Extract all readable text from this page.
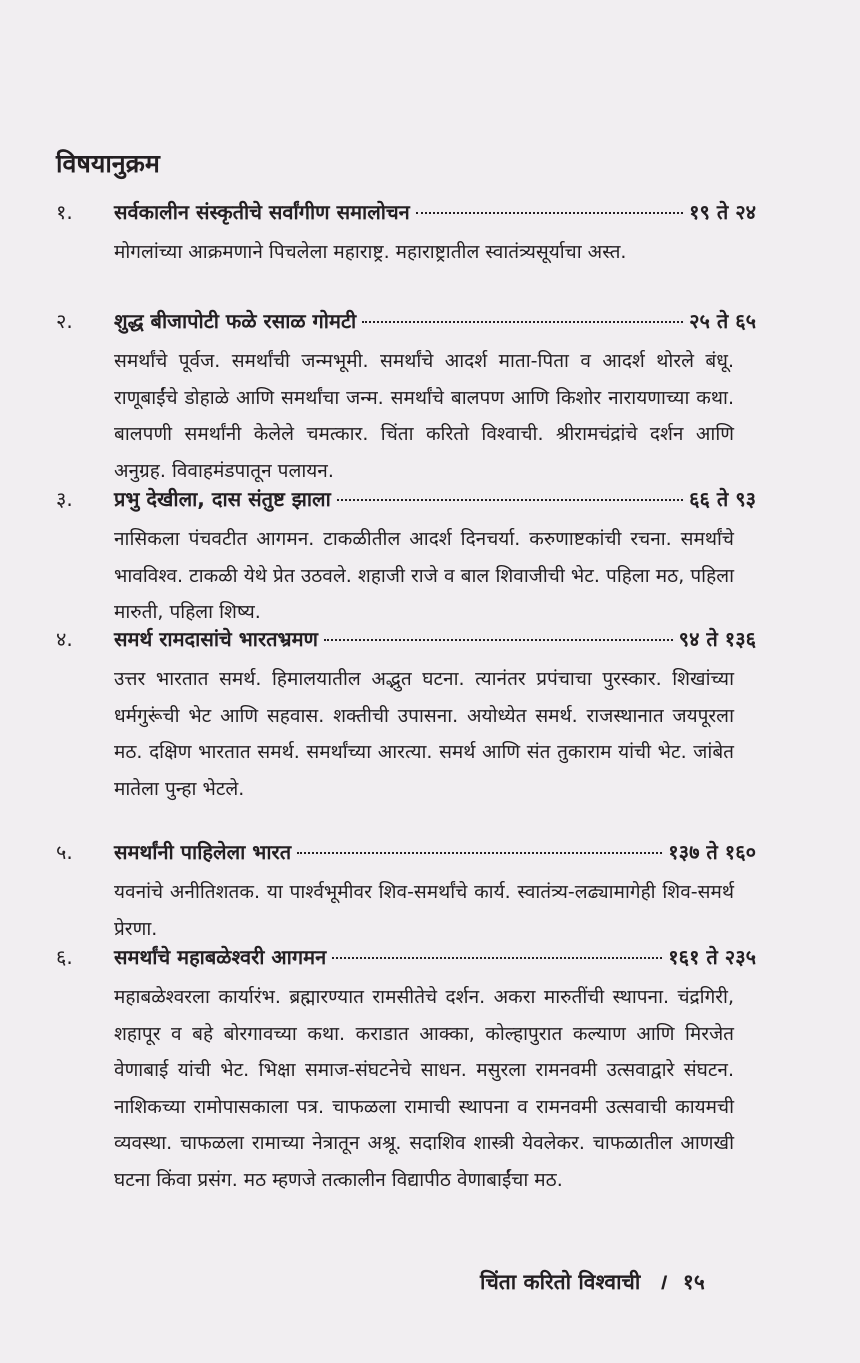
विषयानुक्रम
१.	सर्वकालीन संस्कृतीचे सर्वांगीण समालोचन	१९ ते २४
मोगलांच्या आक्रमणाने पिचलेला महाराष्ट्र. महाराष्ट्रातील स्वातंत्र्यसूर्याचा अस्त.
२.	शुद्ध बीजापोटी फळे रसाळ गोमटी	२५ ते ६५
समर्थांचे पूर्वज. समर्थांची जन्मभूमी. समर्थांचे आदर्श माता-पिता व आदर्श थोरले बंधू. राणूबाईंचे डोहाळे आणि समर्थांचा जन्म. समर्थांचे बालपण आणि किशोर नारायणाच्या कथा. बालपणी समर्थांनी केलेले चमत्कार. चिंता करितो विश्वाची. श्रीरामचंद्रांचे दर्शन आणि अनुग्रह. विवाहमंडपातून पलायन.
३.	प्रभु देखीला, दास संतुष्ट झाला	६६ ते ९३
नासिकला पंचवटीत आगमन. टाकळीतील आदर्श दिनचर्या. करुणाष्टकांची रचना. समर्थांचे भावविश्व. टाकळी येथे प्रेत उठवले. शहाजी राजे व बाल शिवाजीची भेट. पहिला मठ, पहिला मारुती, पहिला शिष्य.
४.	समर्थ रामदासांचे भारतभ्रमण	९४ ते १३६
उत्तर भारतात समर्थ. हिमालयातील अद्भुत घटना. त्यानंतर प्रपंचाचा पुरस्कार. शिखांच्या धर्मगुरूंची भेट आणि सहवास. शक्तीची उपासना. अयोध्येत समर्थ. राजस्थानात जयपूरला मठ. दक्षिण भारतात समर्थ. समर्थांच्या आरत्या. समर्थ आणि संत तुकाराम यांची भेट. जांबेत मातेला पुन्हा भेटले.
५.	समर्थांनी पाहिलेला भारत	१३७ ते १६०
यवनांचे अनीतिशतक. या पार्श्वभूमीवर शिव-समर्थांचे कार्य. स्वातंत्र्य-लढ्यामागेही शिव-समर्थ प्रेरणा.
६.	समर्थांचे महाबळेश्वरी आगमन	१६१ ते २३५
महाबळेश्वरला कार्यारंभ. ब्रह्मारण्यात रामसीतेचे दर्शन. अकरा मारुतींची स्थापना. चंद्रगिरी, शहापूर व बहे बोरगावच्या कथा. कराडात आक्का, कोल्हापुरात कल्याण आणि मिरजेत वेणाबाई यांची भेट. भिक्षा समाज-संघटनेचे साधन. मसुरला रामनवमी उत्सवाद्वारे संघटन. नाशिकच्या रामोपासकाला पत्र. चाफळला रामाची स्थापना व रामनवमी उत्सवाची कायमची व्यवस्था. चाफळला रामाच्या नेत्रातून अश्रू. सदाशिव शास्त्री येवलेकर. चाफळातील आणखी घटना किंवा प्रसंग. मठ म्हणजे तत्कालीन विद्यापीठ वेणाबाईंचा मठ.
चिंता करितो विश्वाची । १५
